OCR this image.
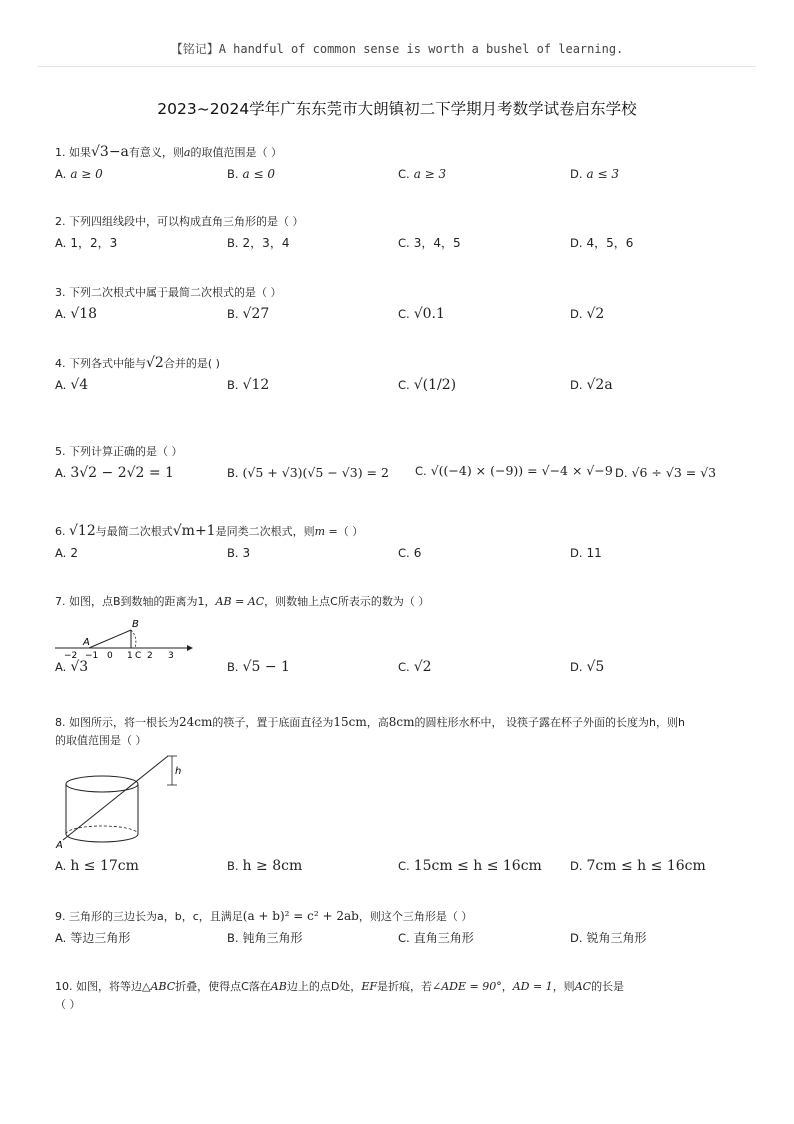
【铭记】A handful of common sense is worth a bushel of learning.
2023~2024学年广东东莞市大朗镇初二下学期月考数学试卷启东学校
1. 如果√3−a有意义，则a的取值范围是（ ）
A. a ≥ 0	B. a ≤ 0	C. a ≥ 3	D. a ≤ 3
2. 下列四组线段中，可以构成直角三角形的是（ ）
A. 1，2，3	B. 2，3，4	C. 3，4，5	D. 4，5，6
3. 下列二次根式中属于最简二次根式的是（ ）
A. √18	B. √27	C. √0.1	D. √2
4. 下列各式中能与√2合并的是( )
A. √4	B. √12	C. √(1/2)	D. √2a
5. 下列计算正确的是（ ）
A. 3√2 − 2√2 = 1	B. (√5 + √3)(√5 − √3) = 2 C. √((−4) × (−9)) = √−4 × √−9 D. √6 ÷ √3 = √3
6. √12与最简二次根式√m+1是同类二次根式，则m =（ ）
A. 2	B. 3	C. 6	D. 11
7. 如图，点B到数轴的距离为1，AB = AC，则数轴上点C所表示的数为（ ）
A
B
C
−2 −1 0 1 2 3
A. √3	B. √5 − 1	C. √2	D. √5
8. 如图所示，将一根长为24cm的筷子，置于底面直径为15cm，高8cm的圆柱形水杯中， 设筷子露在杯子外面的长度为h，则h
的取值范围是（ ）
h
A
A. h ≤ 17cm	B. h ≥ 8cm	C. 15cm ≤ h ≤ 16cm D. 7cm ≤ h ≤ 16cm
9. 三角形的三边长为a，b，c，且满足(a + b)² = c² + 2ab，则这个三角形是（ ）
A. 等边三角形	B. 钝角三角形	C. 直角三角形	D. 锐角三角形
10. 如图，将等边△ABC折叠，使得点C落在AB边上的点D处，EF是折痕，若∠ADE = 90°，AD = 1，则AC的长是
（ ）
